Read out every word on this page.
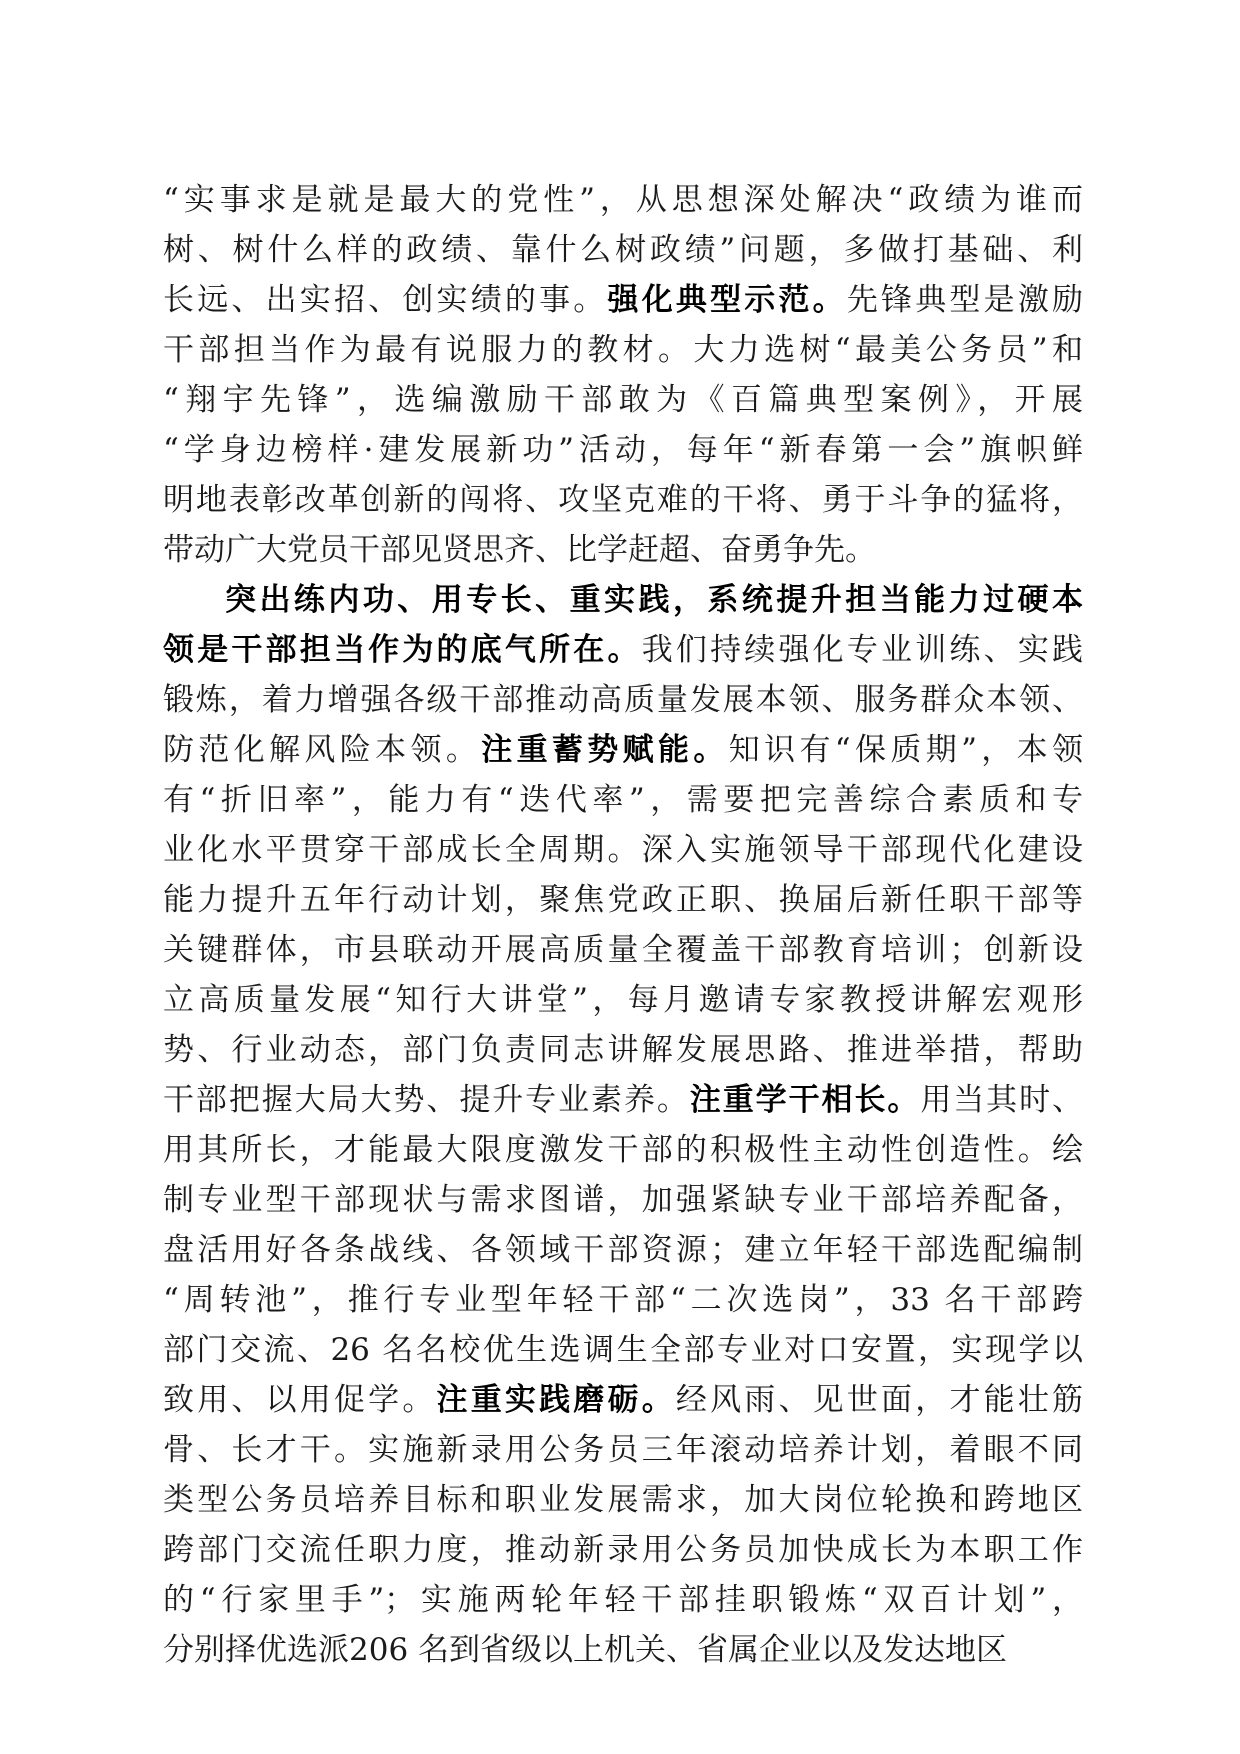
“实事求是就是最大的党性”，从思想深处解决“政绩为谁而
树、树什么样的政绩、靠什么树政绩”问题，多做打基础、利
长远、出实招、创实绩的事。强化典型示范。先锋典型是激励
干部担当作为最有说服力的教材。大力选树“最美公务员”和
“翔宇先锋”，选编激励干部敢为《百篇典型案例》，开展
“学身边榜样·建发展新功”活动，每年“新春第一会”旗帜鲜
明地表彰改革创新的闯将、攻坚克难的干将、勇于斗争的猛将，
带动广大党员干部见贤思齐、比学赶超、奋勇争先。
突出练内功、用专长、重实践，系统提升担当能力过硬本
领是干部担当作为的底气所在。我们持续强化专业训练、实践
锻炼，着力增强各级干部推动高质量发展本领、服务群众本领、
防范化解风险本领。注重蓄势赋能。知识有“保质期”，本领
有“折旧率”，能力有“迭代率”，需要把完善综合素质和专
业化水平贯穿干部成长全周期。深入实施领导干部现代化建设
能力提升五年行动计划，聚焦党政正职、换届后新任职干部等
关键群体，市县联动开展高质量全覆盖干部教育培训；创新设
立高质量发展“知行大讲堂”，每月邀请专家教授讲解宏观形
势、行业动态，部门负责同志讲解发展思路、推进举措，帮助
干部把握大局大势、提升专业素养。注重学干相长。用当其时、
用其所长，才能最大限度激发干部的积极性主动性创造性。绘
制专业型干部现状与需求图谱，加强紧缺专业干部培养配备，
盘活用好各条战线、各领域干部资源；建立年轻干部选配编制
“周转池”，推行专业型年轻干部“二次选岗”，33 名干部跨
部门交流、26 名名校优生选调生全部专业对口安置，实现学以
致用、以用促学。注重实践磨砺。经风雨、见世面，才能壮筋
骨、长才干。实施新录用公务员三年滚动培养计划，着眼不同
类型公务员培养目标和职业发展需求，加大岗位轮换和跨地区
跨部门交流任职力度，推动新录用公务员加快成长为本职工作
的“行家里手”；实施两轮年轻干部挂职锻炼“双百计划”，
分别择优选派206 名到省级以上机关、省属企业以及发达地区
